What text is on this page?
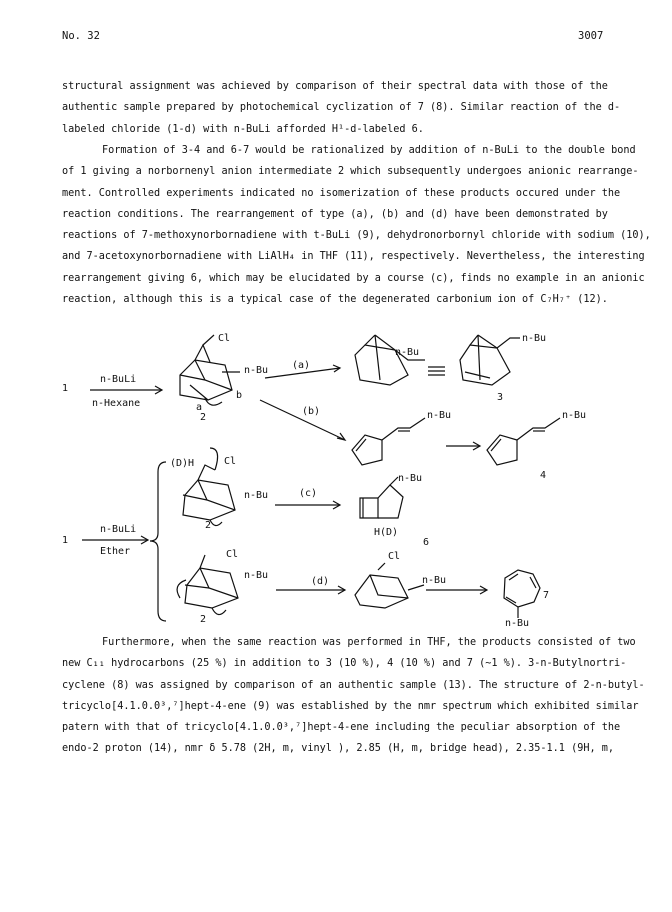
No. 32	3007
structural assignment was achieved by comparison of their spectral data with those of the
authentic sample prepared by photochemical cyclization of 7 (8). Similar reaction of the d-
labeled chloride (1-d) with n-BuLi afforded H¹-d-labeled 6.
Formation of 3-4 and 6-7 would be rationalized by addition of n-BuLi to the double bond
of 1 giving a norbornenyl anion intermediate 2 which subsequently undergoes anionic rearrange-
ment. Controlled experiments indicated no isomerization of these products occured under the
reaction conditions. The rearrangement of type (a), (b) and (d) have been demonstrated by
reactions of 7-methoxynorbornadiene with t-BuLi (9), dehydronorbornyl chloride with sodium (10),
and 7-acetoxynorbornadiene with LiAlH₄ in THF (11), respectively. Nevertheless, the interesting
rearrangement giving 6, which may be elucidated by a course (c), finds no example in an anionic
reaction, although this is a typical case of the degenerated carbonium ion of C₇H₇⁺ (12).
1
n-BuLi
n-Hexane
Cl
n-Bu
b
a
2
(a)
n-Bu
n-Bu
3
(b)	n-Bu	n-Bu
4
(D)H	Cl
n-Bu
2
(c)
n-Bu
H(D)
6
1
n-BuLi
Ether	Cl
n-Bu
2
(d)
Cl
n-Bu
7
n-Bu
Furthermore, when the same reaction was performed in THF, the products consisted of two
new C₁₁ hydrocarbons (25 %) in addition to 3 (10 %), 4 (10 %) and 7 (~1 %). 3-n-Butylnortri-
cyclene (8) was assigned by comparison of an authentic sample (13). The structure of 2-n-butyl-
tricyclo[4.1.0.0³,⁷]hept-4-ene (9) was established by the nmr spectrum which exhibited similar
patern with that of tricyclo[4.1.0.0³,⁷]hept-4-ene including the peculiar absorption of the
endo-2 proton (14), nmr δ 5.78 (2H, m, vinyl ), 2.85 (H, m, bridge head), 2.35-1.1 (9H, m,
